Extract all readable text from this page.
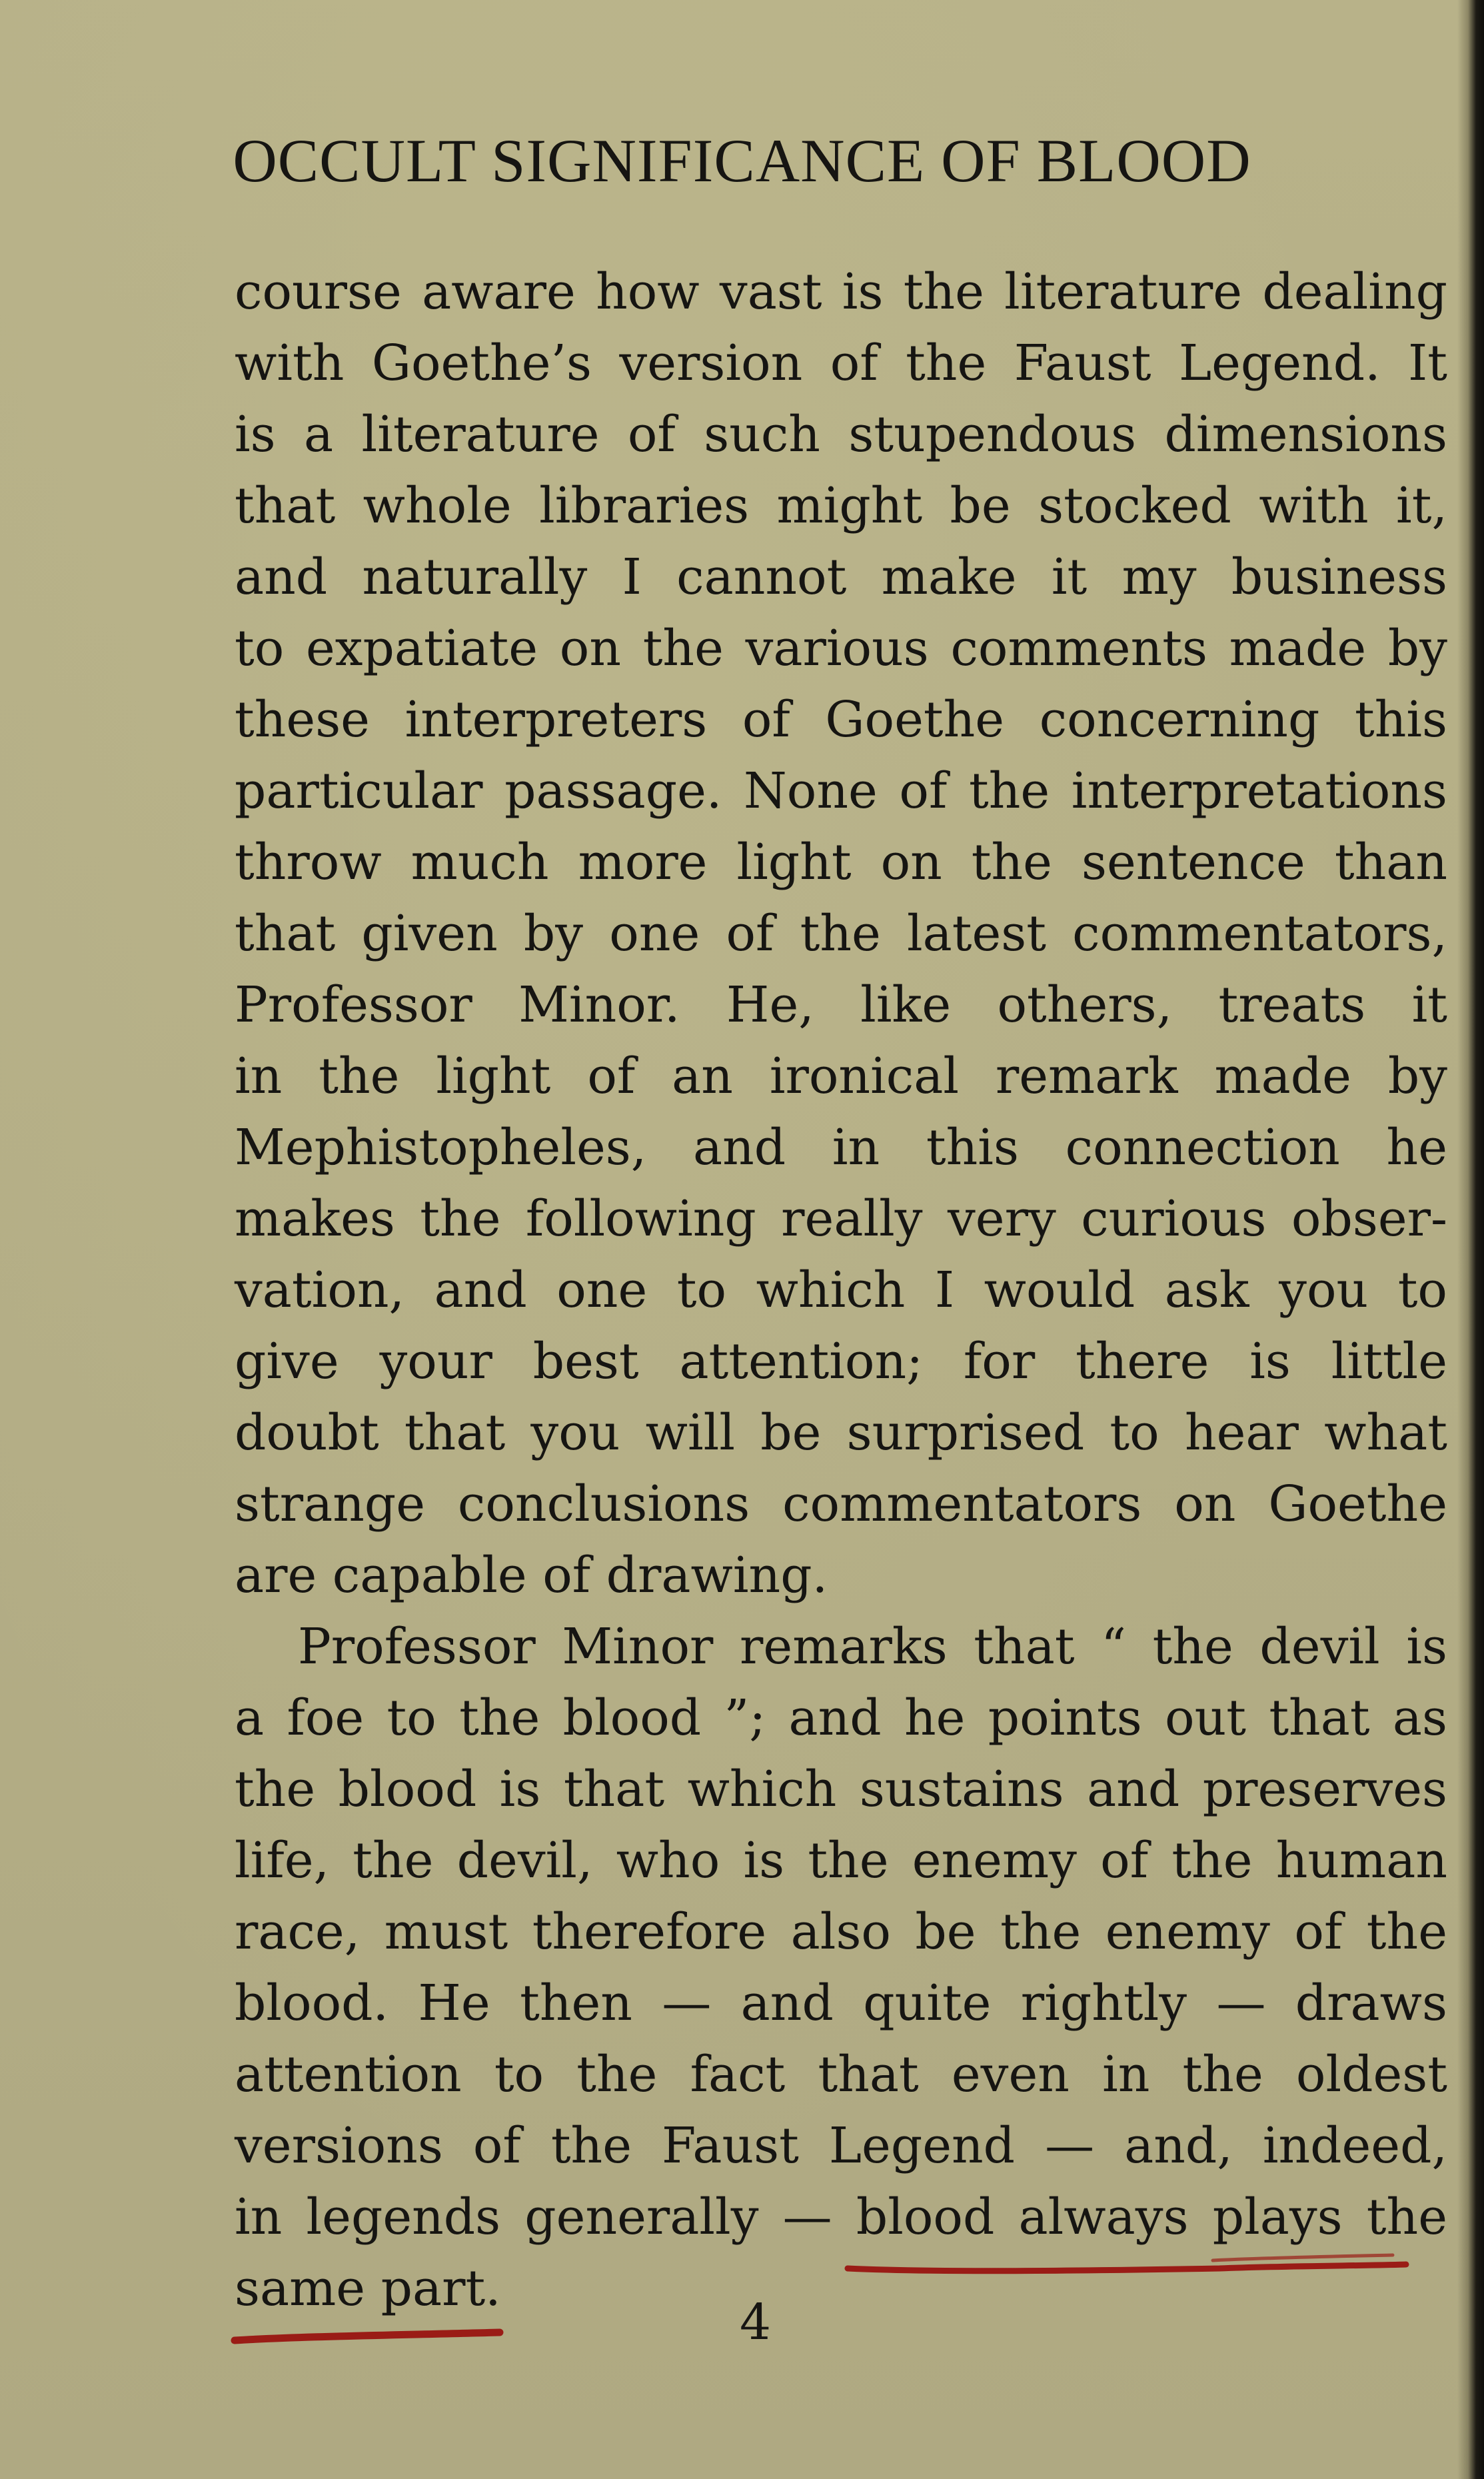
OCCULT SIGNIFICANCE OF BLOOD
course aware how vast is the literature dealing
with Goethe’s version of the Faust Legend. It
is a literature of such stupendous dimensions
that whole libraries might be stocked with it,
and naturally I cannot make it my business
to expatiate on the various comments made by
these interpreters of Goethe concerning this
particular passage. None of the interpretations
throw much more light on the sentence than
that given by one of the latest commentators,
Professor Minor. He, like others, treats it
in the light of an ironical remark made by
Mephistopheles, and in this connection he
makes the following really very curious obser-
vation, and one to which I would ask you to
give your best attention; for there is little
doubt that you will be surprised to hear what
strange conclusions commentators on Goethe
are capable of drawing.
Professor Minor remarks that “ the devil is
a foe to the blood ”; and he points out that as
the blood is that which sustains and preserves
life, the devil, who is the enemy of the human
race, must therefore also be the enemy of the
blood. He then — and quite rightly — draws
attention to the fact that even in the oldest
versions of the Faust Legend — and, indeed,
in legends generally — blood always plays the
same part.
4
